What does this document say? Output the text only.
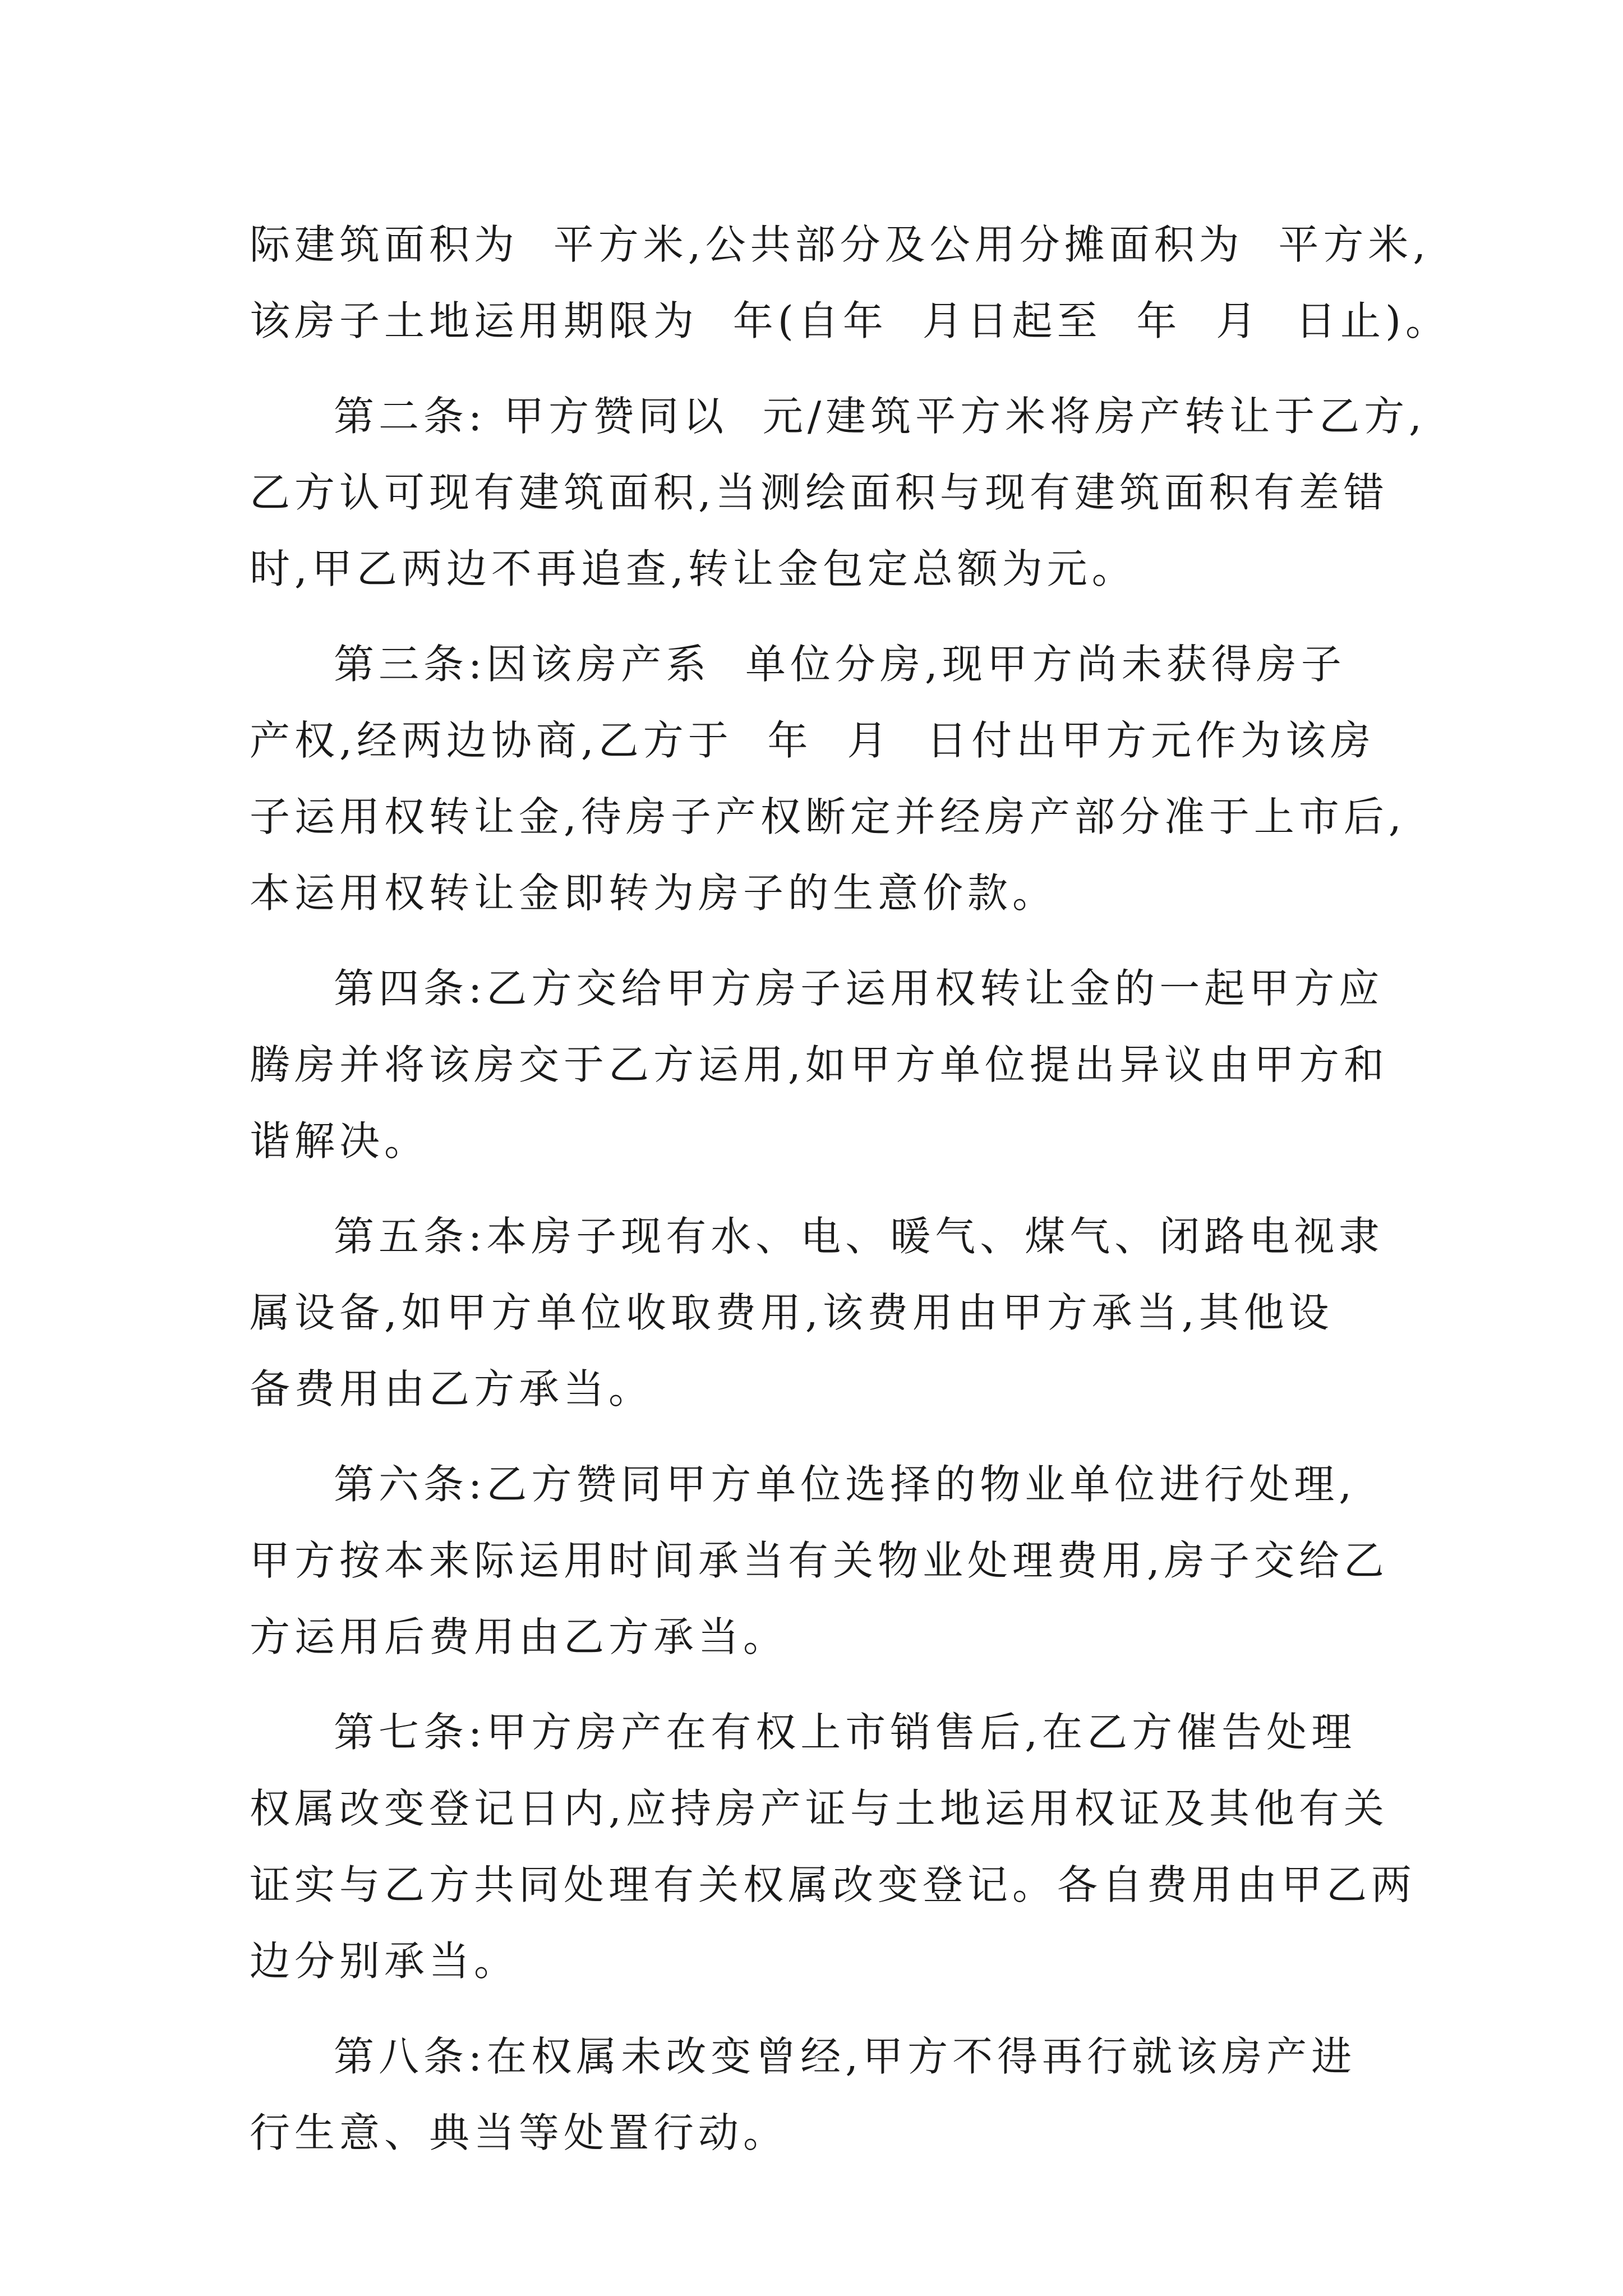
际建筑面积为  平方米,公共部分及公用分摊面积为  平方米,
该房子土地运用期限为  年(自年  月日起至  年  月  日止)。
第二条: 甲方赞同以  元/建筑平方米将房产转让于乙方,
乙方认可现有建筑面积,当测绘面积与现有建筑面积有差错
时,甲乙两边不再追查,转让金包定总额为元。
第三条:因该房产系  单位分房,现甲方尚未获得房子
产权,经两边协商,乙方于  年  月  日付出甲方元作为该房
子运用权转让金,待房子产权断定并经房产部分准于上市后,
本运用权转让金即转为房子的生意价款。
第四条:乙方交给甲方房子运用权转让金的一起甲方应
腾房并将该房交于乙方运用,如甲方单位提出异议由甲方和
谐解决。
第五条:本房子现有水、电、暖气、煤气、闭路电视隶
属设备,如甲方单位收取费用,该费用由甲方承当,其他设
备费用由乙方承当。
第六条:乙方赞同甲方单位选择的物业单位进行处理,
甲方按本来际运用时间承当有关物业处理费用,房子交给乙
方运用后费用由乙方承当。
第七条:甲方房产在有权上市销售后,在乙方催告处理
权属改变登记日内,应持房产证与土地运用权证及其他有关
证实与乙方共同处理有关权属改变登记。各自费用由甲乙两
边分别承当。
第八条:在权属未改变曾经,甲方不得再行就该房产进
行生意、典当等处置行动。
